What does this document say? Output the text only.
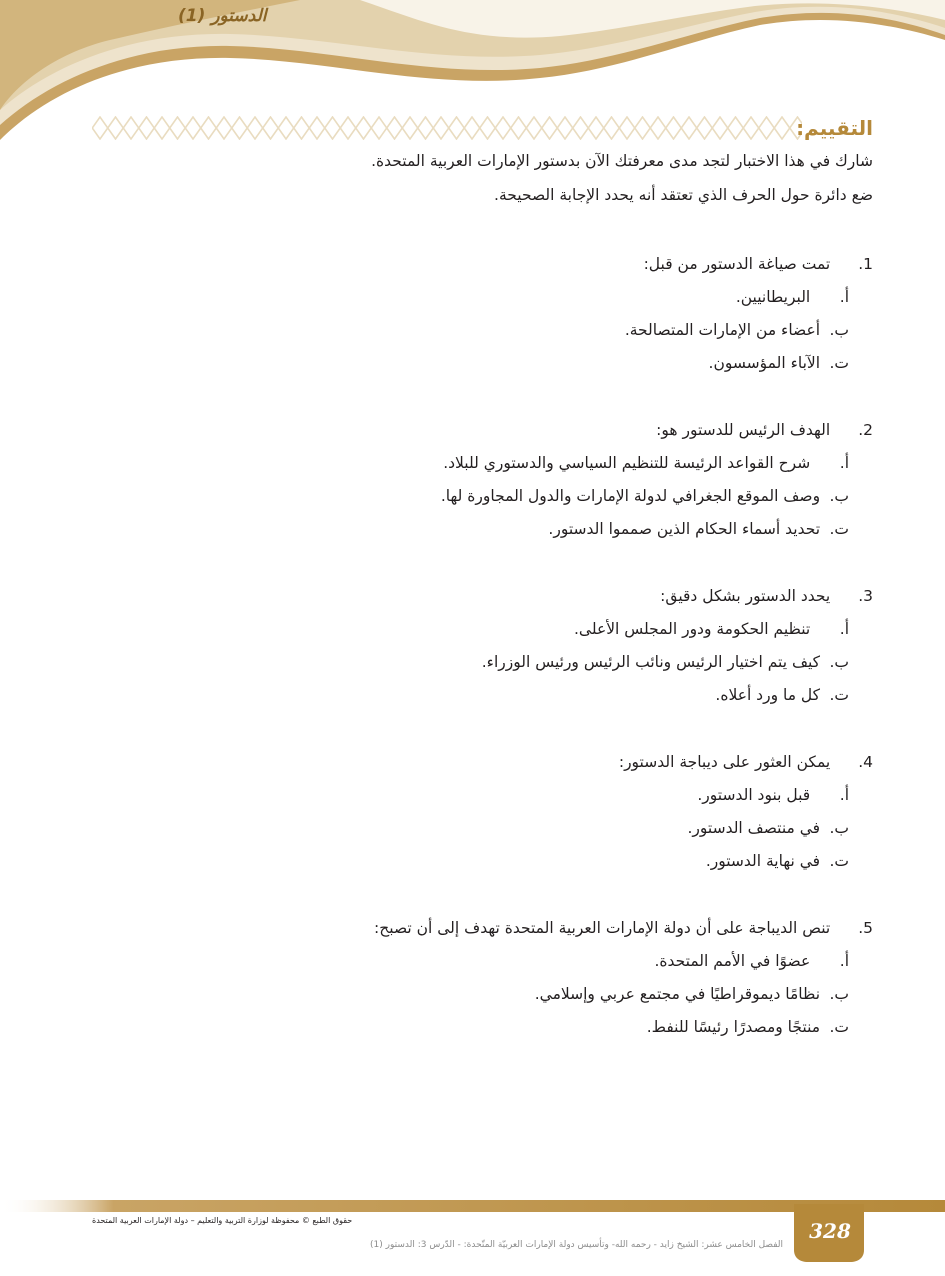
الدستور (1)
التقييم:
شارك في هذا الاختبار لتجد مدى معرفتك الآن بدستور الإمارات العربية المتحدة.
ضع دائرة حول الحرف الذي تعتقد أنه يحدد الإجابة الصحيحة.
1.   تمت صياغة الدستور من قبل:
أ.   البريطانيين.
ب. أعضاء من الإمارات المتصالحة.
ت. الآباء المؤسسون.
2.   الهدف الرئيس للدستور هو:
أ.   شرح القواعد الرئيسة للتنظيم السياسي والدستوري للبلاد.
ب. وصف الموقع الجغرافي لدولة الإمارات والدول المجاورة لها.
ت. تحديد أسماء الحكام الذين صمموا الدستور.
3.   يحدد الدستور بشكل دقيق:
أ.   تنظيم الحكومة ودور المجلس الأعلى.
ب. كيف يتم اختيار الرئيس ونائب الرئيس ورئيس الوزراء.
ت. كل ما ورد أعلاه.
4.   يمكن العثور على ديباجة الدستور:
أ.   قبل بنود الدستور.
ب. في منتصف الدستور.
ت. في نهاية الدستور.
5.   تنص الديباجة على أن دولة الإمارات العربية المتحدة تهدف إلى أن تصبح:
أ.   عضوًا في الأمم المتحدة.
ب. نظامًا ديموقراطيًا في مجتمع عربي وإسلامي.
ت. منتجًا ومصدرًا رئيسًا للنفط.
حقوق الطبع © محفوظة لوزارة التربية والتعليم – دولة الإمارات العربية المتحدة	328
الفصل الخامس عشر: الشيخ زايد - رحمه الله- وتأسيس دولة الإمارات العربيّة المتّحدة: - الدّرس 3: الدستور (1)
